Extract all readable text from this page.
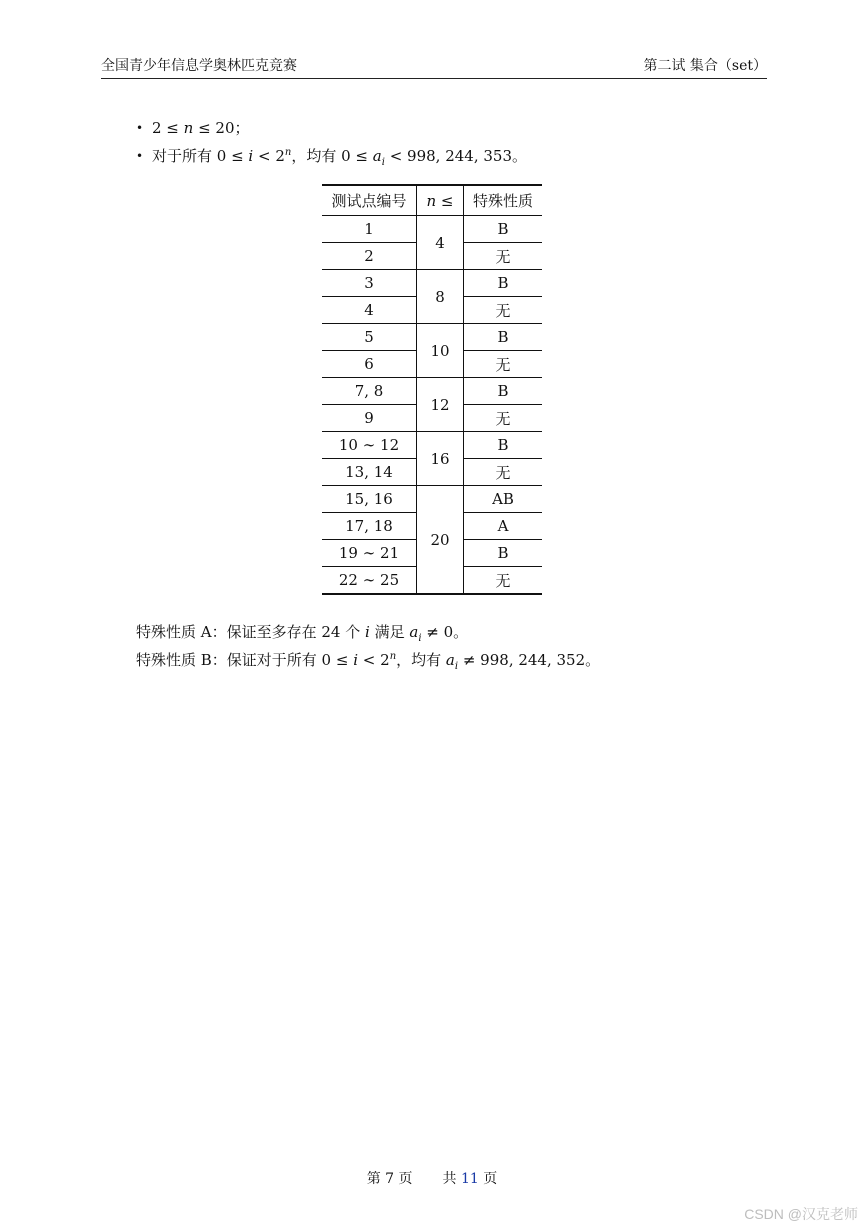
全国青少年信息学奥林匹克竞赛	第二试 集合（set）
• 2 ≤ n ≤ 20；
• 对于所有 $0 \le i < 2^n$，均有 $0 \le a_i < 998$, 244, 353。
测试点编号	n ≤	特殊性质
1	4	B
2		无
3	8	B
4		无
5	10	B
6		无
7, 8	12	B
9		无
10 ∼ 12	16	B
13, 14		无
15, 16	20	AB
17, 18		A
19 ∼ 21		B
22 ∼ 25		无
特殊性质 A：保证至多存在 24 个 i 满足 $a_i \ne 0$。
特殊性质 B：保证对于所有 $0 \le i < 2^n$，均有 $a_i \ne 998$, 244, 352。
第 7 页 共 11 页
CSDN @汉克老师
